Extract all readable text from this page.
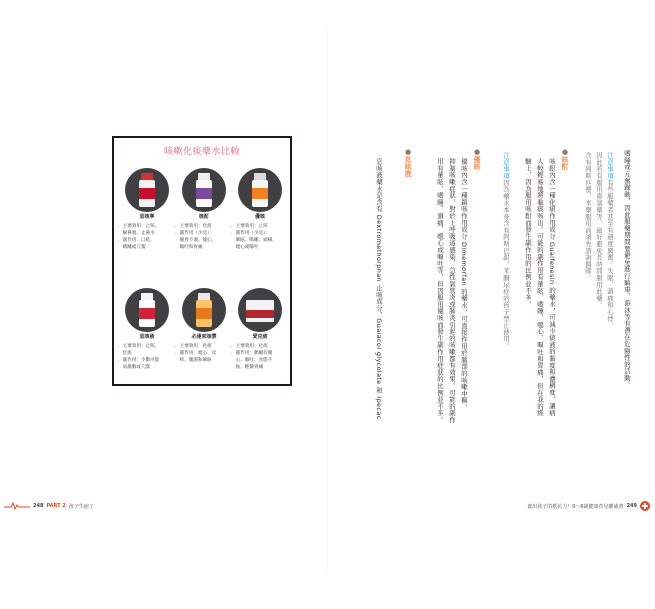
咳嗽化痰藥水比較
息咳寧
．主要效用：止咳、
　解鼻塞、止鼻水
．副作用：口乾、
　嗜睡或亢奮
咳酊
．主要效用：化痰
．副作用（少見）：
　腸胃不適、噁心、
　嘔吐和胃痛
優咳
．主要效用：止咳
．副作用（少見）：
　暈眩、嗜睡、頭痛、
　噁心或嘔吐
息咳液
．主要效用：止咳、
　化痰
．副作用：少數可能
　易激動或亢奮
必達來咳漿
．主要效用：化痰
．副作用：噁心、皮
　疹、腹瀉和暈眩
愛克痰
．主要效用：化痰
．副作用：偶爾有腹
　心、嘔吐、食慾不
　振、輕微胃痛	嗜睡或亢奮躁動，因此服藥期間要避免進行騎車、游泳等有潛在危險性的活動。
注意事項有些服藥者甚至有過度興奮、失眠、頭痛和心悸、
因此若有服用鼻塞藥等，最好避免長時間服用此藥。
含有阿斯匹靈，本藥服用前須先諮詢醫師。
●咳酊
咳酊內含一種化痰作用成分 Guaifenesin 的藥水，可減少痰液的黏度和濃稠度，讓病
人較輕易地將黏痰咳出。可能的副作用有暈眩、嗜睡、噁心、嘔吐和胃痛，但在我的經
驗上，因為服用咳酊而發生副作用的比例並不多。
注意事項因為藥水本身含有阿斯巴甜，苯酮尿症的孩子禁止使用。
●優咳
優咳內含一種鎮咳作用成分 Dimemorfan 的藥水，可直接作用於腦部的咳嗽中樞，
抑制咳嗽症狀，對於上呼吸道感染、急性氣管炎或肺炎引起的咳嗽都有效果。可能的副作
用有暈眩、嗜睡、頭痛、噁心或嘔吐等，但因服用優咳而發生副作用症狀的比例並不多。
●息咳液
息咳液藥水是含有 Dextromethorphan 止咳成分，Guaiacol glycolate 和 Ipecac
248 PART 2 孩子生病了	養出孩子的抵抗力！0～6歲健康育兒權威書 249
